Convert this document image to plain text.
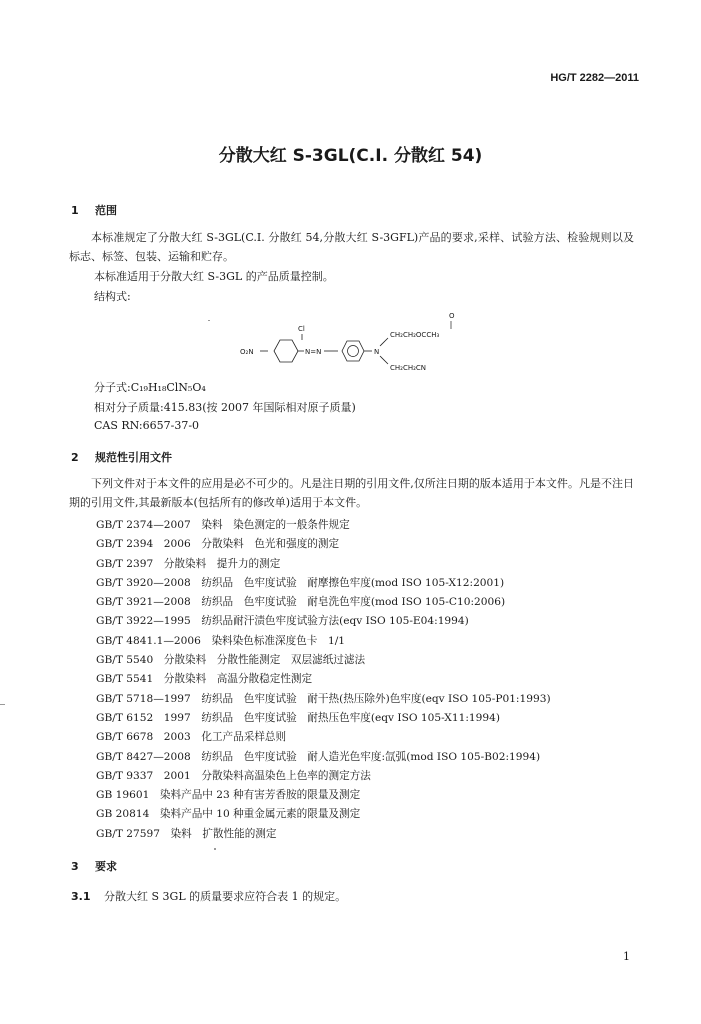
HG/T 2282—2011
分散大红 S-3GL(C.I. 分散红 54)
1 范围
本标准规定了分散大红 S-3GL(C.I. 分散红 54,分散大红 S-3GFL)产品的要求,采样、试验方法、检验规则以及标志、标签、包装、运输和贮存。
本标准适用于分散大红 S-3GL 的产品质量控制。
结构式:
Cl
O₂N	N=N	N
CH₂CH₂OCCH₃
O
CH₂CH₂CN
分子式:C₁₉H₁₈ClN₅O₄
相对分子质量:415.83(按 2007 年国际相对原子质量)
CAS RN:6657-37-0
2 规范性引用文件
下列文件对于本文件的应用是必不可少的。凡是注日期的引用文件,仅所注日期的版本适用于本文件。凡是不注日期的引用文件,其最新版本(包括所有的修改单)适用于本文件。
GB/T 2374—2007　染料　染色测定的一般条件规定
GB/T 2394　2006　分散染料　色光和强度的测定
GB/T 2397　分散染料　提升力的测定
GB/T 3920—2008　纺织品　色牢度试验　耐摩擦色牢度(mod ISO 105-X12:2001)
GB/T 3921—2008　纺织品　色牢度试验　耐皂洗色牢度(mod ISO 105-C10:2006)
GB/T 3922—1995　纺织品耐汗渍色牢度试验方法(eqv ISO 105-E04:1994)
GB/T 4841.1—2006　染料染色标准深度色卡　1/1
GB/T 5540　分散染料　分散性能测定　双层滤纸过滤法
GB/T 5541　分散染料　高温分散稳定性测定
GB/T 5718—1997　纺织品　色牢度试验　耐干热(热压除外)色牢度(eqv ISO 105-P01:1993)
GB/T 6152　1997　纺织品　色牢度试验　耐热压色牢度(eqv ISO 105-X11:1994)
GB/T 6678　2003　化工产品采样总则
GB/T 8427—2008　纺织品　色牢度试验　耐人造光色牢度:氙弧(mod ISO 105-B02:1994)
GB/T 9337　2001　分散染料高温染色上色率的测定方法
GB 19601　染料产品中 23 种有害芳香胺的限量及测定
GB 20814　染料产品中 10 种重金属元素的限量及测定
GB/T 27597　染料　扩散性能的测定
3 要求
3.1 分散大红 S 3GL 的质量要求应符合表 1 的规定。
1
